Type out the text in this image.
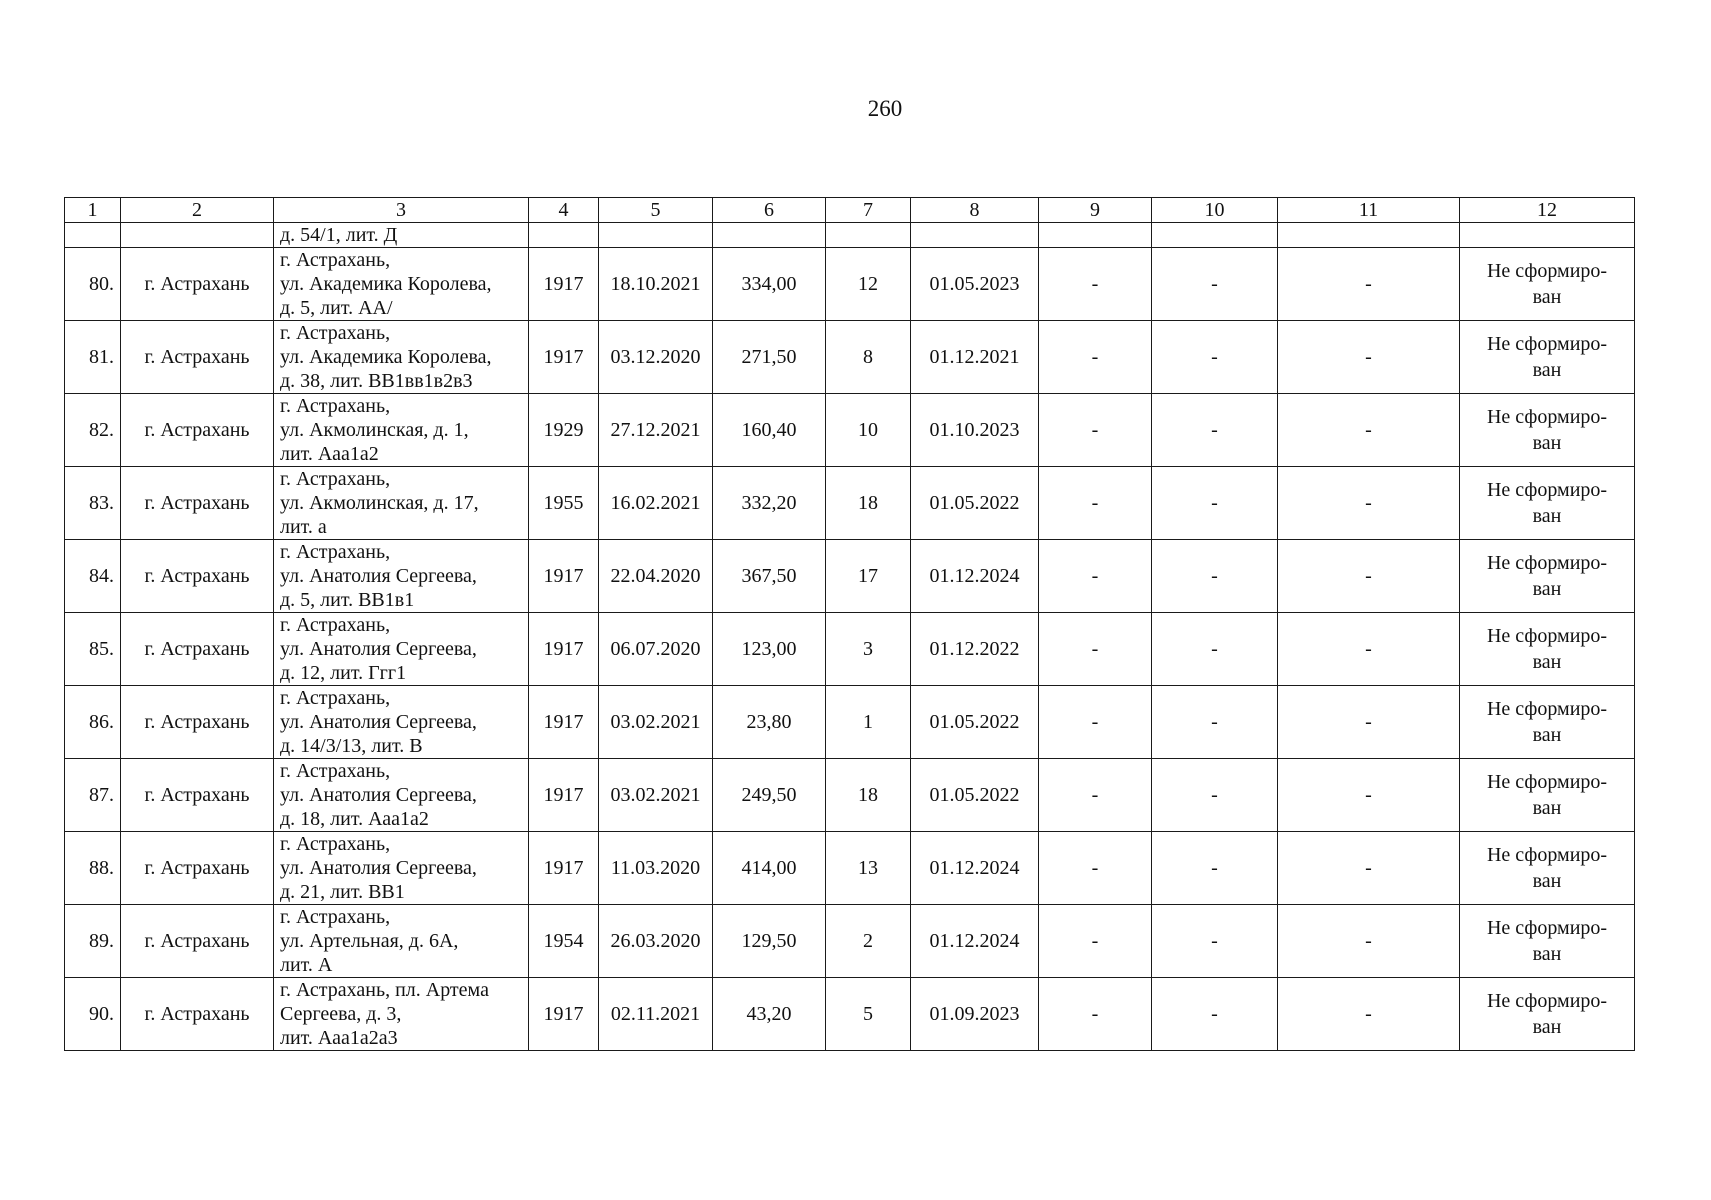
260
1	2	3	4	5	6	7	8	9	10	11	12
		д. 54/1, лит. Д									
80.	г. Астрахань	г. Астрахань,
ул. Академика Королева,
д. 5, лит. АА/	1917	18.10.2021	334,00	12	01.05.2023	-	-	-	Не сформиро-
ван
81.	г. Астрахань	г. Астрахань,
ул. Академика Королева,
д. 38, лит. ВВ1вв1в2в3	1917	03.12.2020	271,50	8	01.12.2021	-	-	-	Не сформиро-
ван
82.	г. Астрахань	г. Астрахань,
ул. Акмолинская, д. 1,
лит. Ааа1а2	1929	27.12.2021	160,40	10	01.10.2023	-	-	-	Не сформиро-
ван
83.	г. Астрахань	г. Астрахань,
ул. Акмолинская, д. 17,
лит. а	1955	16.02.2021	332,20	18	01.05.2022	-	-	-	Не сформиро-
ван
84.	г. Астрахань	г. Астрахань,
ул. Анатолия Сергеева,
д. 5, лит. ВВ1в1	1917	22.04.2020	367,50	17	01.12.2024	-	-	-	Не сформиро-
ван
85.	г. Астрахань	г. Астрахань,
ул. Анатолия Сергеева,
д. 12, лит. Ггг1	1917	06.07.2020	123,00	3	01.12.2022	-	-	-	Не сформиро-
ван
86.	г. Астрахань	г. Астрахань,
ул. Анатолия Сергеева,
д. 14/3/13, лит. В	1917	03.02.2021	23,80	1	01.05.2022	-	-	-	Не сформиро-
ван
87.	г. Астрахань	г. Астрахань,
ул. Анатолия Сергеева,
д. 18, лит. Ааа1а2	1917	03.02.2021	249,50	18	01.05.2022	-	-	-	Не сформиро-
ван
88.	г. Астрахань	г. Астрахань,
ул. Анатолия Сергеева,
д. 21, лит. ВВ1	1917	11.03.2020	414,00	13	01.12.2024	-	-	-	Не сформиро-
ван
89.	г. Астрахань	г. Астрахань,
ул. Артельная, д. 6А,
лит. А	1954	26.03.2020	129,50	2	01.12.2024	-	-	-	Не сформиро-
ван
90.	г. Астрахань	г. Астрахань, пл. Артема
Сергеева, д. 3,
лит. Ааа1а2а3	1917	02.11.2021	43,20	5	01.09.2023	-	-	-	Не сформиро-
ван
